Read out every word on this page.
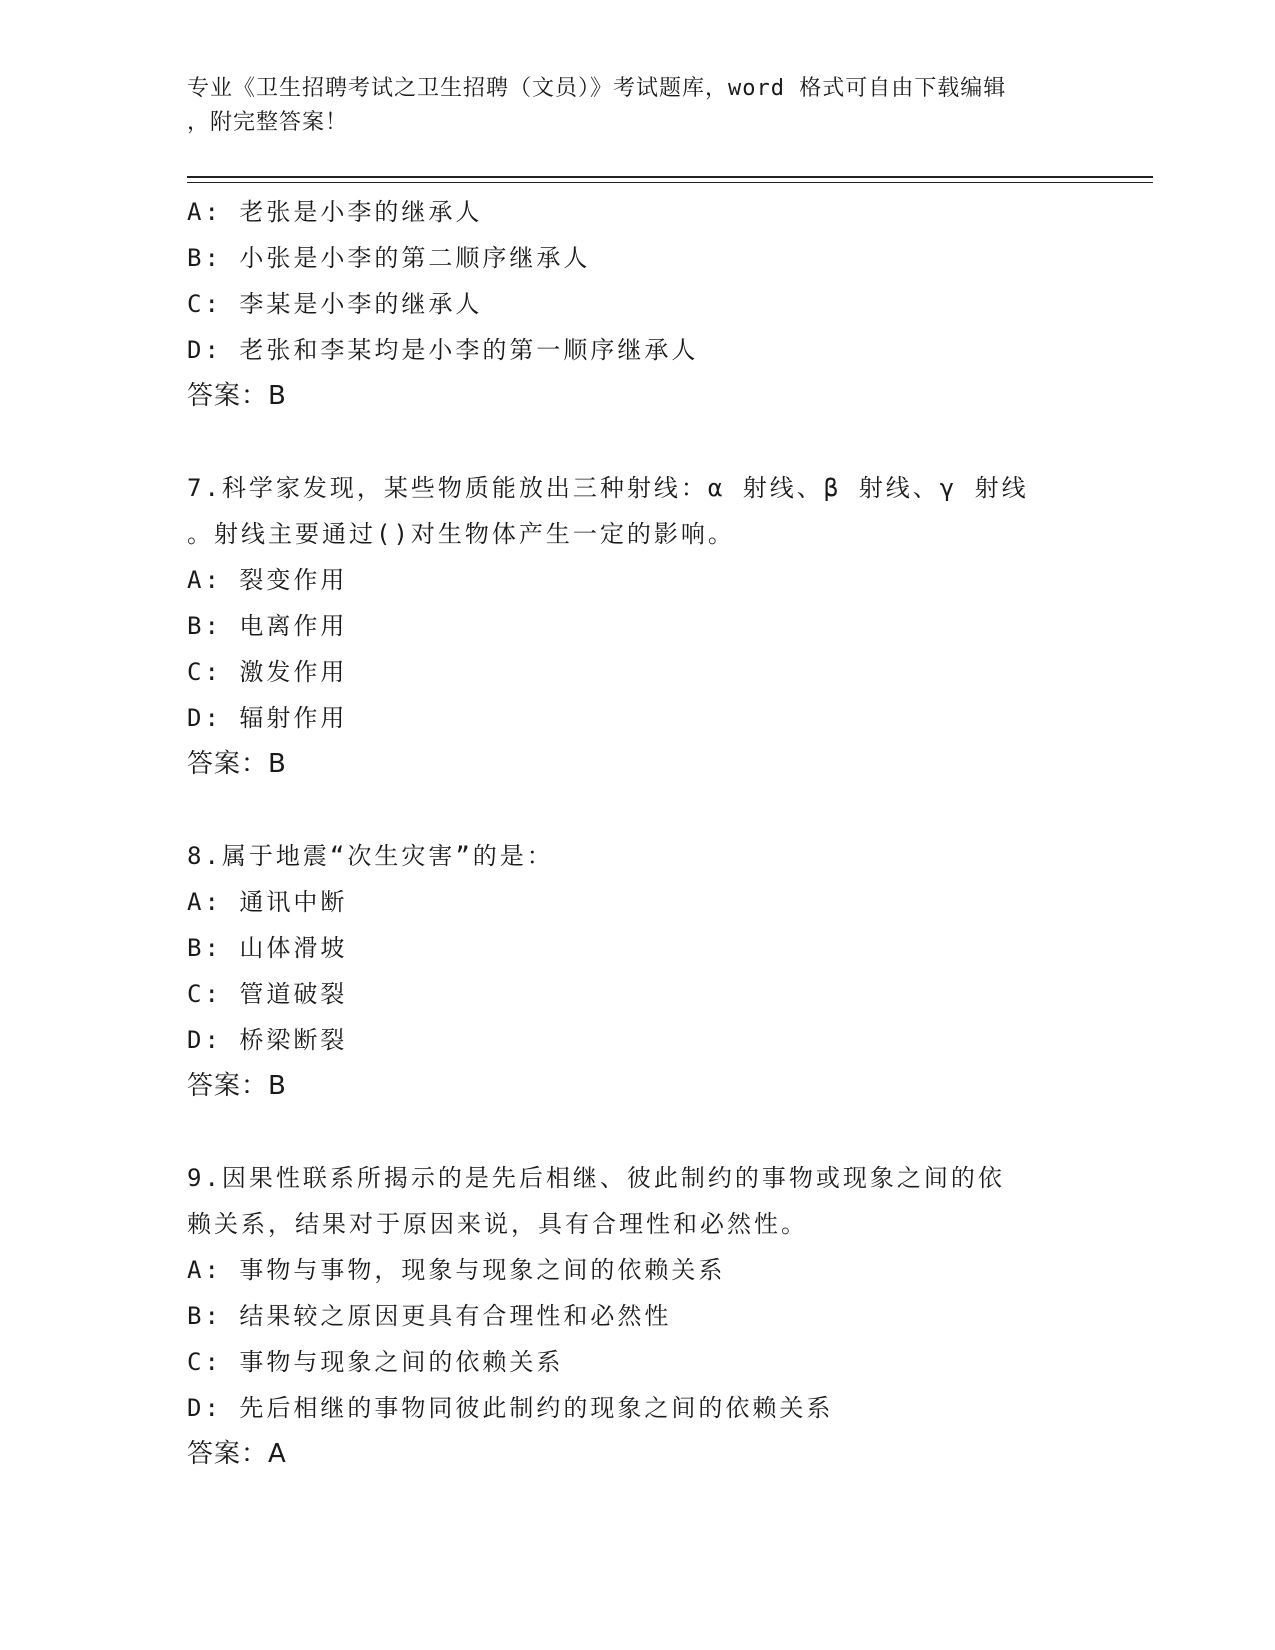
专业《卫生招聘考试之卫生招聘（文员）》考试题库，word 格式可自由下载编辑
，附完整答案！
A: 老张是小李的继承人
B: 小张是小李的第二顺序继承人
C: 李某是小李的继承人
D: 老张和李某均是小李的第一顺序继承人
答案：B
7.科学家发现，某些物质能放出三种射线：α 射线、β 射线、γ 射线
。射线主要通过()对生物体产生一定的影响。
A: 裂变作用
B: 电离作用
C: 激发作用
D: 辐射作用
答案：B
8.属于地震“次生灾害”的是：
A: 通讯中断
B: 山体滑坡
C: 管道破裂
D: 桥梁断裂
答案：B
9.因果性联系所揭示的是先后相继、彼此制约的事物或现象之间的依
赖关系，结果对于原因来说，具有合理性和必然性。
A: 事物与事物，现象与现象之间的依赖关系
B: 结果较之原因更具有合理性和必然性
C: 事物与现象之间的依赖关系
D: 先后相继的事物同彼此制约的现象之间的依赖关系
答案：A
